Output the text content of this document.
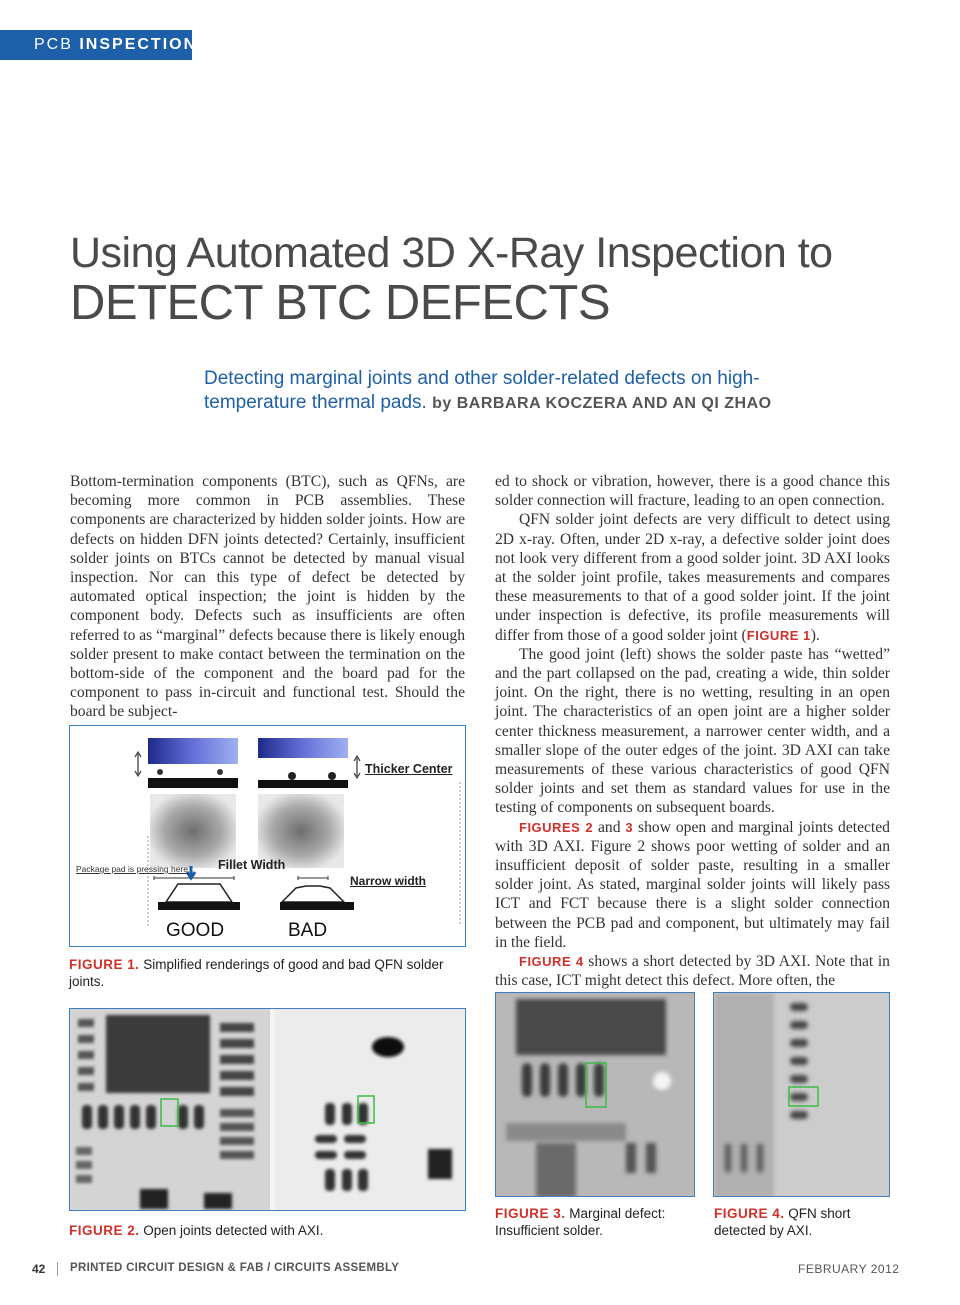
PCB INSPECTION
Using Automated 3D X-Ray Inspection to
DETECT BTC DEFECTS
Detecting marginal joints and other solder-related defects on high-temperature thermal pads. by BARBARA KOCZERA AND AN QI ZHAO

Bottom-termination components (BTC), such as QFNs, are becoming more common in PCB assemblies. These components are characterized by hidden solder joints. How are defects on hidden DFN joints detected? Certainly, insufficient solder joints on BTCs cannot be detected by manual visual inspection. Nor can this type of defect be detected by automated optical inspection; the joint is hidden by the component body. Defects such as insufficients are often referred to as “marginal” defects because there is likely enough solder present to make contact between the termination on the bottom-side of the component and the board pad for the component to pass in-circuit and functional test. Should the board be subject-

ed to shock or vibration, however, there is a good chance this solder connection will fracture, leading to an open connection.

QFN solder joint defects are very difficult to detect using 2D x-ray. Often, under 2D x-ray, a defective solder joint does not look very different from a good solder joint. 3D AXI looks at the solder joint profile, takes measurements and compares these measurements to that of a good solder joint. If the joint under inspection is defective, its profile measurements will differ from those of a good solder joint (FIGURE 1).

The good joint (left) shows the solder paste has “wetted” and the part collapsed on the pad, creating a wide, thin solder joint. On the right, there is no wetting, resulting in an open joint. The characteristics of an open joint are a higher solder center thickness measurement, a narrower center width, and a smaller slope of the outer edges of the joint. 3D AXI can take measurements of these various characteristics of good QFN solder joints and set them as standard values for use in the testing of components on subsequent boards.

FIGURES 2 and 3 show open and marginal joints detected with 3D AXI. Figure 2 shows poor wetting of solder and an insufficient deposit of solder paste, resulting in a smaller solder joint. As stated, marginal solder joints will likely pass ICT and FCT because there is a slight solder connection between the PCB pad and component, but ultimately may fail in the field.

FIGURE 4 shows a short detected by 3D AXI. Note that in this case, ICT might detect this defect. More often, the

Thicker Center
Fillet Width
Package pad is pressing here
Narrow width
GOOD	BAD
FIGURE 1. Simplified renderings of good and bad QFN solder joints.
FIGURE 2. Open joints detected with AXI.
FIGURE 3. Marginal defect: Insufficient solder.
FIGURE 4. QFN short detected by AXI.
42 PRINTED CIRCUIT DESIGN & FAB / CIRCUITS ASSEMBLY	FEBRUARY 2012
